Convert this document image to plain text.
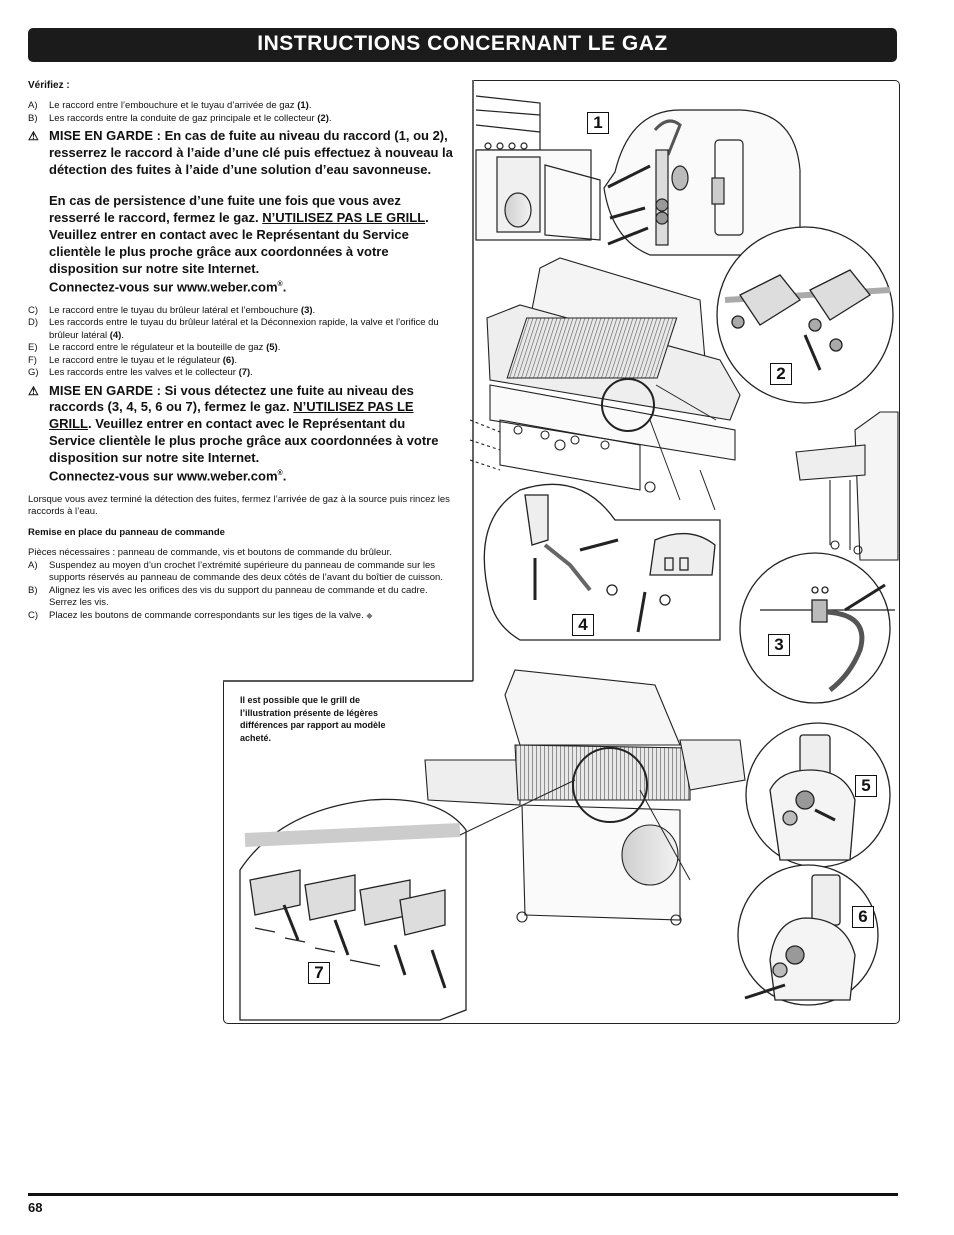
INSTRUCTIONS CONCERNANT LE GAZ
1
2
3
4
5
6
7
Il est possible que le grill de l’illustration présente de légères différences par rapport au modèle acheté.
Vérifiez :
A)	Le raccord entre l’embouchure et le tuyau d’arrivée de gaz (1).
B)	Les raccords entre la conduite de gaz principale et le collecteur (2).
⚠ MISE EN GARDE : En cas de fuite au niveau du raccord (1, ou 2), resserrez le raccord à l’aide d’une clé puis effectuez à nouveau la détection des fuites à l’aide d’une solution d’eau savonneuse.

En cas de persistence d’une fuite une fois que vous avez resserré le raccord, fermez le gaz. N’UTILISEZ PAS LE GRILL. Veuillez entrer en contact avec le Représentant du Service clientèle le plus proche grâce aux coordonnées à votre disposition sur notre site Internet.
Connectez-vous sur www.weber.com®.

C)	Le raccord entre le tuyau du brûleur latéral et l’embouchure (3).
D)	Les raccords entre le tuyau du brûleur latéral et la Déconnexion rapide, la valve et l’orifice du brûleur latéral (4).
E)	Le raccord entre le régulateur et la bouteille de gaz (5).
F)	Le raccord entre le tuyau et le régulateur (6).
G)	Les raccords entre les valves et le collecteur (7).
⚠ MISE EN GARDE : Si vous détectez une fuite au niveau des raccords (3, 4, 5, 6 ou 7), fermez le gaz. N’UTILISEZ PAS LE GRILL. Veuillez entrer en contact avec le Représentant du Service clientèle le plus proche grâce aux coordonnées à votre disposition sur notre site Internet.
Connectez-vous sur www.weber.com®.

Lorsque vous avez terminé la détection des fuites, fermez l’arrivée de gaz à la source puis rincez les raccords à l’eau.
Remise en place du panneau de commande
Pièces nécessaires : panneau de commande, vis et boutons de commande du brûleur.
A)	Suspendez au moyen d’un crochet l’extrémité supérieure du panneau de commande sur les supports réservés au panneau de commande des deux côtés de l’avant du boîtier de cuisson.
B)	Alignez les vis avec les orifices des vis du support du panneau de commande et du cadre. Serrez les vis.
C)	Placez les boutons de commande correspondants sur les tiges de la valve. ◆
68
